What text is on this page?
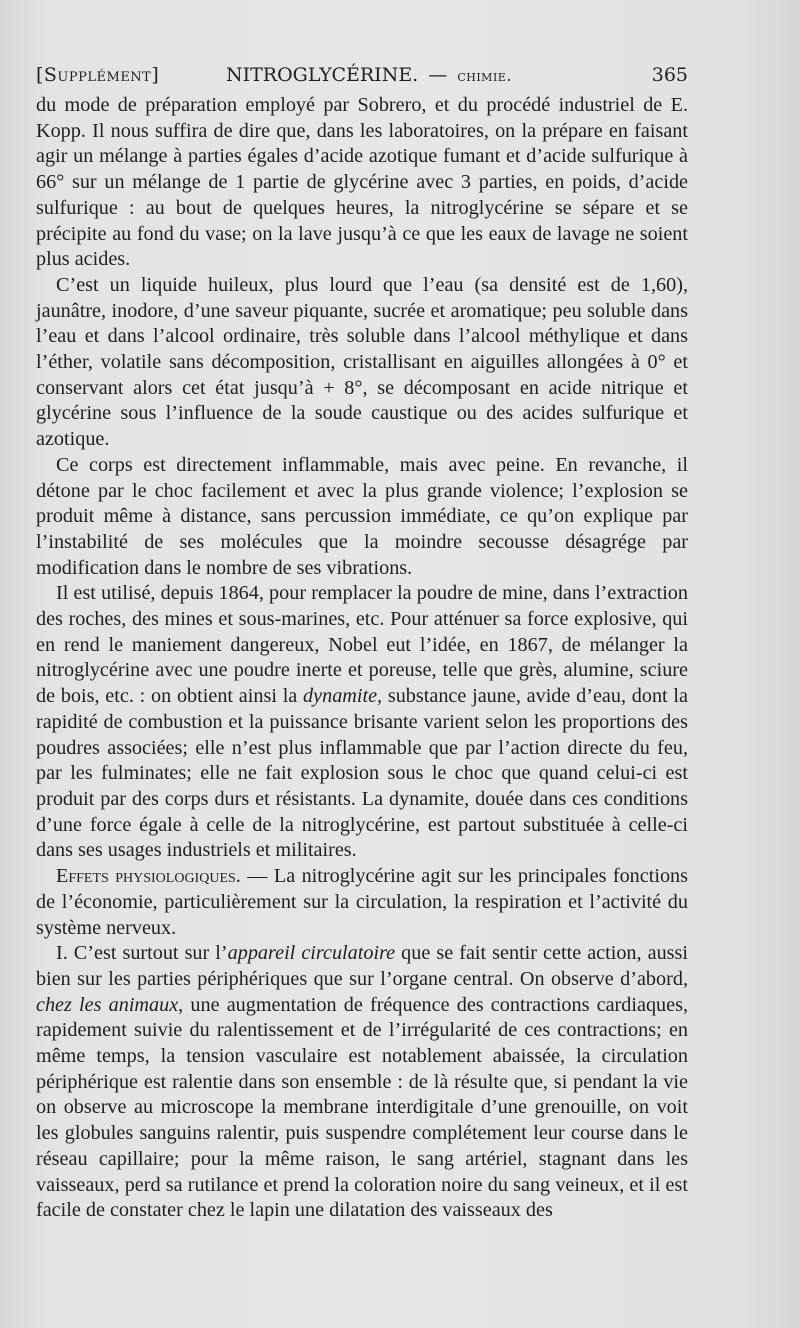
[Supplément]	NITROGLYCÉRINE. — chimie.	365

du mode de préparation employé par Sobrero, et du procédé industriel de E. Kopp. Il nous suffira de dire que, dans les laboratoires, on la prépare en faisant agir un mélange à parties égales d’acide azotique fumant et d’acide sulfurique à 66° sur un mélange de 1 partie de glycérine avec 3 parties, en poids, d’acide sulfurique : au bout de quelques heures, la nitroglycérine se sépare et se précipite au fond du vase; on la lave jusqu’à ce que les eaux de lavage ne soient plus acides.

C’est un liquide huileux, plus lourd que l’eau (sa densité est de 1,60), jaunâtre, inodore, d’une saveur piquante, sucrée et aromatique; peu soluble dans l’eau et dans l’alcool ordinaire, très soluble dans l’alcool méthylique et dans l’éther, volatile sans décomposition, cristallisant en aiguilles allongées à 0° et conservant alors cet état jusqu’à + 8°, se décomposant en acide nitrique et glycérine sous l’influence de la soude caustique ou des acides sulfurique et azotique.

Ce corps est directement inflammable, mais avec peine. En revanche, il détone par le choc facilement et avec la plus grande violence; l’explosion se produit même à distance, sans percussion immédiate, ce qu’on explique par l’instabilité de ses molécules que la moindre secousse désagrége par modification dans le nombre de ses vibrations.

Il est utilisé, depuis 1864, pour remplacer la poudre de mine, dans l’extraction des roches, des mines et sous-marines, etc. Pour atténuer sa force explosive, qui en rend le maniement dangereux, Nobel eut l’idée, en 1867, de mélanger la nitroglycérine avec une poudre inerte et poreuse, telle que grès, alumine, sciure de bois, etc. : on obtient ainsi la dynamite, substance jaune, avide d’eau, dont la rapidité de combustion et la puissance brisante varient selon les proportions des poudres associées; elle n’est plus inflammable que par l’action directe du feu, par les fulminates; elle ne fait explosion sous le choc que quand celui-ci est produit par des corps durs et résistants. La dynamite, douée dans ces conditions d’une force égale à celle de la nitroglycérine, est partout substituée à celle-ci dans ses usages industriels et militaires.

Effets physiologiques. — La nitroglycérine agit sur les principales fonctions de l’économie, particulièrement sur la circulation, la respiration et l’activité du système nerveux.

I. C’est surtout sur l’appareil circulatoire que se fait sentir cette action, aussi bien sur les parties périphériques que sur l’organe central. On observe d’abord, chez les animaux, une augmentation de fréquence des contractions cardiaques, rapidement suivie du ralentissement et de l’irrégularité de ces contractions; en même temps, la tension vasculaire est notablement abaissée, la circulation périphérique est ralentie dans son ensemble : de là résulte que, si pendant la vie on observe au microscope la membrane interdigitale d’une grenouille, on voit les globules sanguins ralentir, puis suspendre complétement leur course dans le réseau capillaire; pour la même raison, le sang artériel, stagnant dans les vaisseaux, perd sa rutilance et prend la coloration noire du sang veineux, et il est facile de constater chez le lapin une dilatation des vaisseaux des
